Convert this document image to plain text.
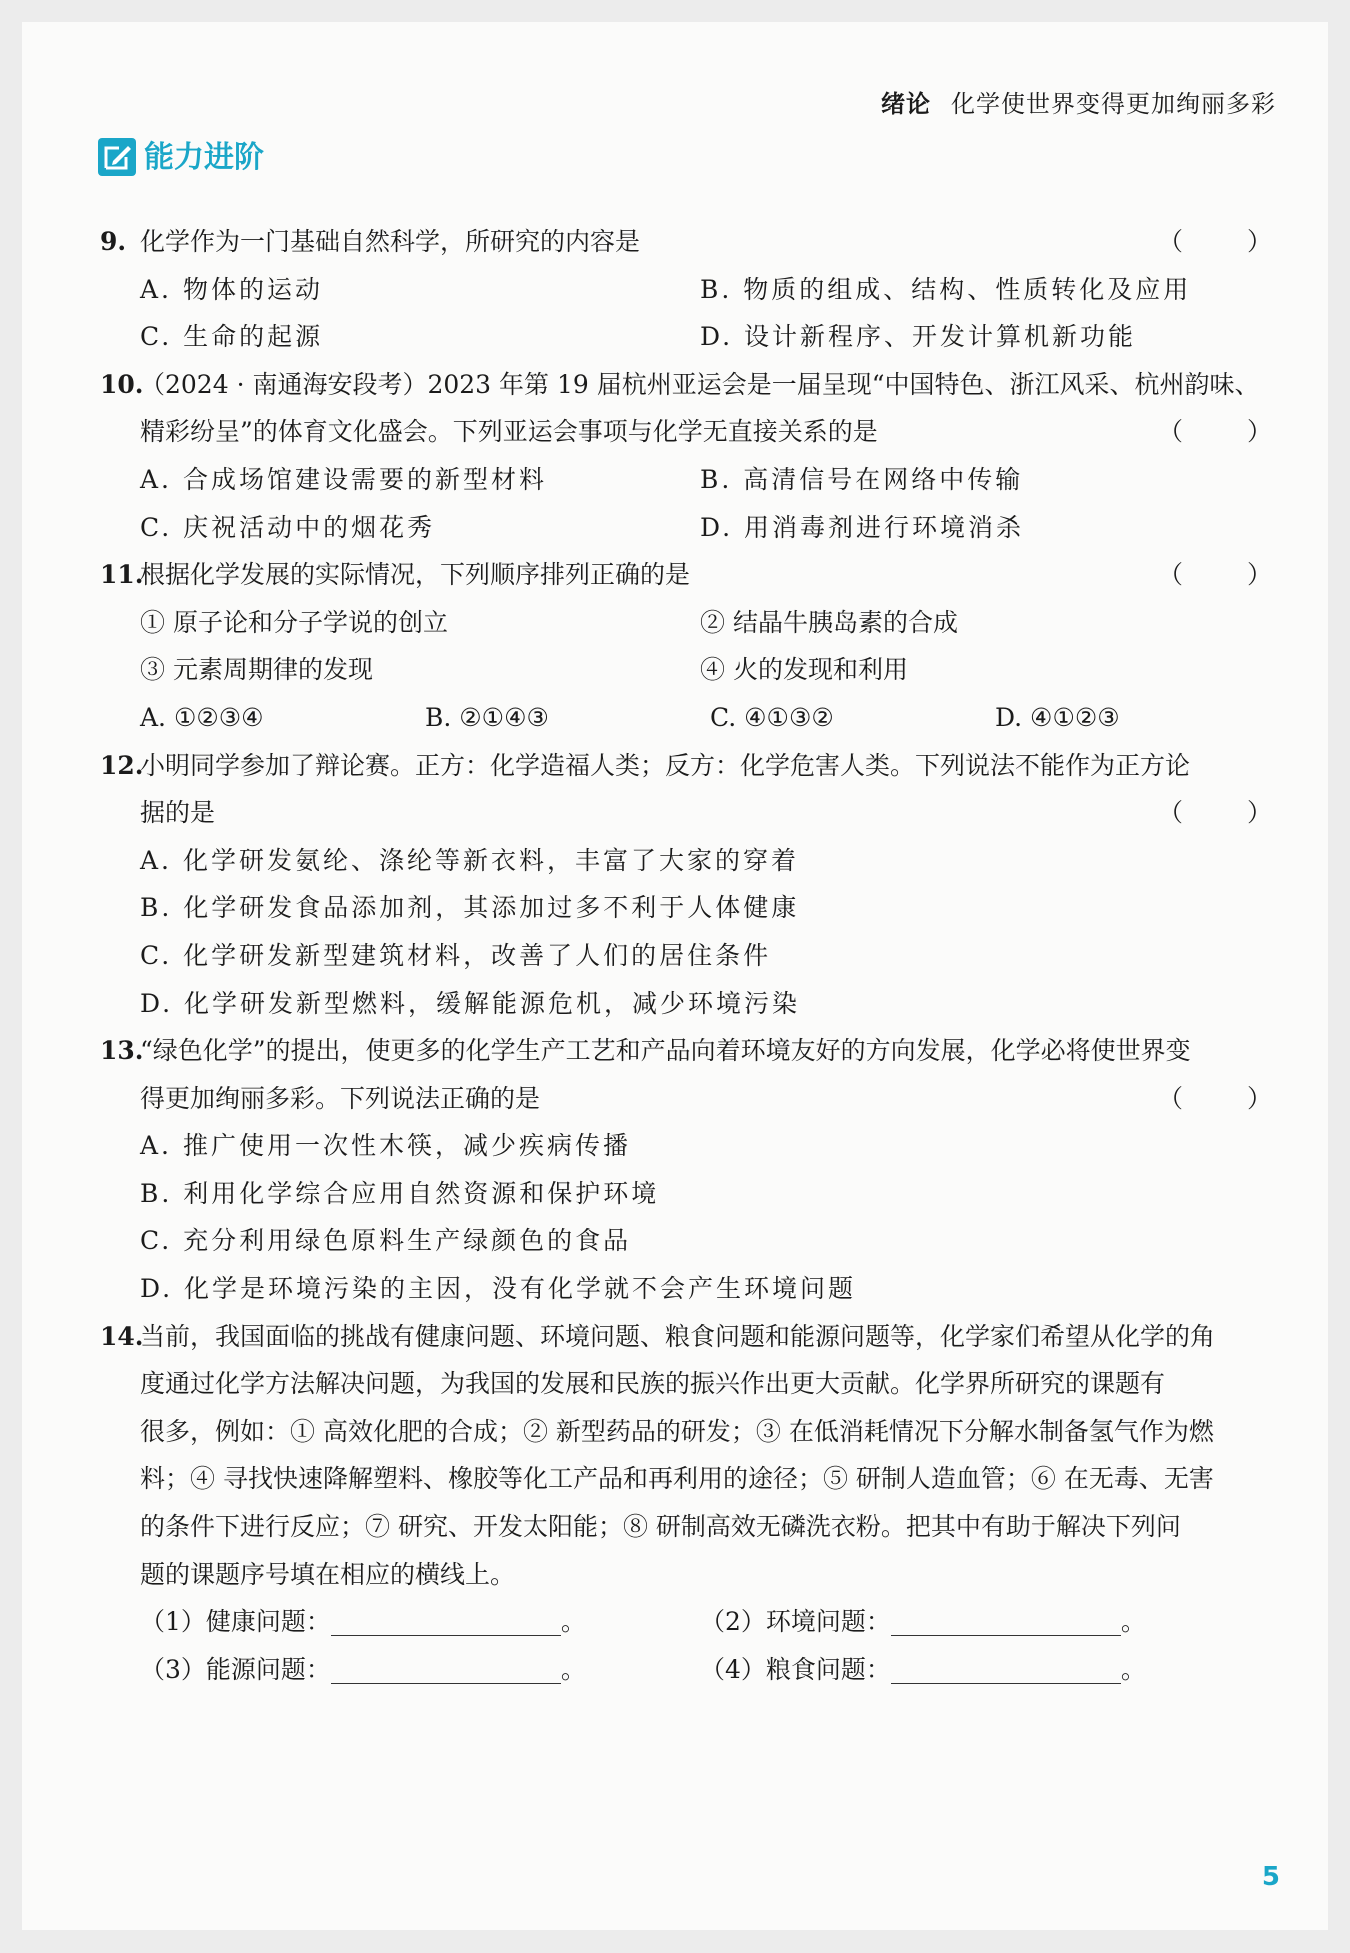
绪论 化学使世界变得更加绚丽多彩
能力进阶
9. 化学作为一门基础自然科学，所研究的内容是	（ ）
A. 物体的运动	B. 物质的组成、结构、性质转化及应用
C. 生命的起源	D. 设计新程序、开发计算机新功能
10.（2024 · 南通海安段考）2023 年第 19 届杭州亚运会是一届呈现“中国特色、浙江风采、杭州韵味、
精彩纷呈”的体育文化盛会。下列亚运会事项与化学无直接关系的是	（ ）
A. 合成场馆建设需要的新型材料	B. 高清信号在网络中传输
C. 庆祝活动中的烟花秀	D. 用消毒剂进行环境消杀
11.根据化学发展的实际情况，下列顺序排列正确的是	（ ）
① 原子论和分子学说的创立	② 结晶牛胰岛素的合成
③ 元素周期律的发现	④ 火的发现和利用
A. ①②③④	B. ②①④③	C. ④①③②	D. ④①②③
12.小明同学参加了辩论赛。正方：化学造福人类；反方：化学危害人类。下列说法不能作为正方论
据的是	（ ）
A. 化学研发氨纶、涤纶等新衣料，丰富了大家的穿着
B. 化学研发食品添加剂，其添加过多不利于人体健康
C. 化学研发新型建筑材料，改善了人们的居住条件
D. 化学研发新型燃料，缓解能源危机，减少环境污染
13.“绿色化学”的提出，使更多的化学生产工艺和产品向着环境友好的方向发展，化学必将使世界变
得更加绚丽多彩。下列说法正确的是	（ ）
A. 推广使用一次性木筷，减少疾病传播
B. 利用化学综合应用自然资源和保护环境
C. 充分利用绿色原料生产绿颜色的食品
D. 化学是环境污染的主因，没有化学就不会产生环境问题
14.当前，我国面临的挑战有健康问题、环境问题、粮食问题和能源问题等，化学家们希望从化学的角
度通过化学方法解决问题，为我国的发展和民族的振兴作出更大贡献。化学界所研究的课题有
很多，例如：① 高效化肥的合成；② 新型药品的研发；③ 在低消耗情况下分解水制备氢气作为燃
料；④ 寻找快速降解塑料、橡胶等化工产品和再利用的途径；⑤ 研制人造血管；⑥ 在无毒、无害
的条件下进行反应；⑦ 研究、开发太阳能；⑧ 研制高效无磷洗衣粉。把其中有助于解决下列问
题的课题序号填在相应的横线上。
（1）健康问题：	。	（2）环境问题：	。
（3）能源问题：	。	（4）粮食问题：	。
5
